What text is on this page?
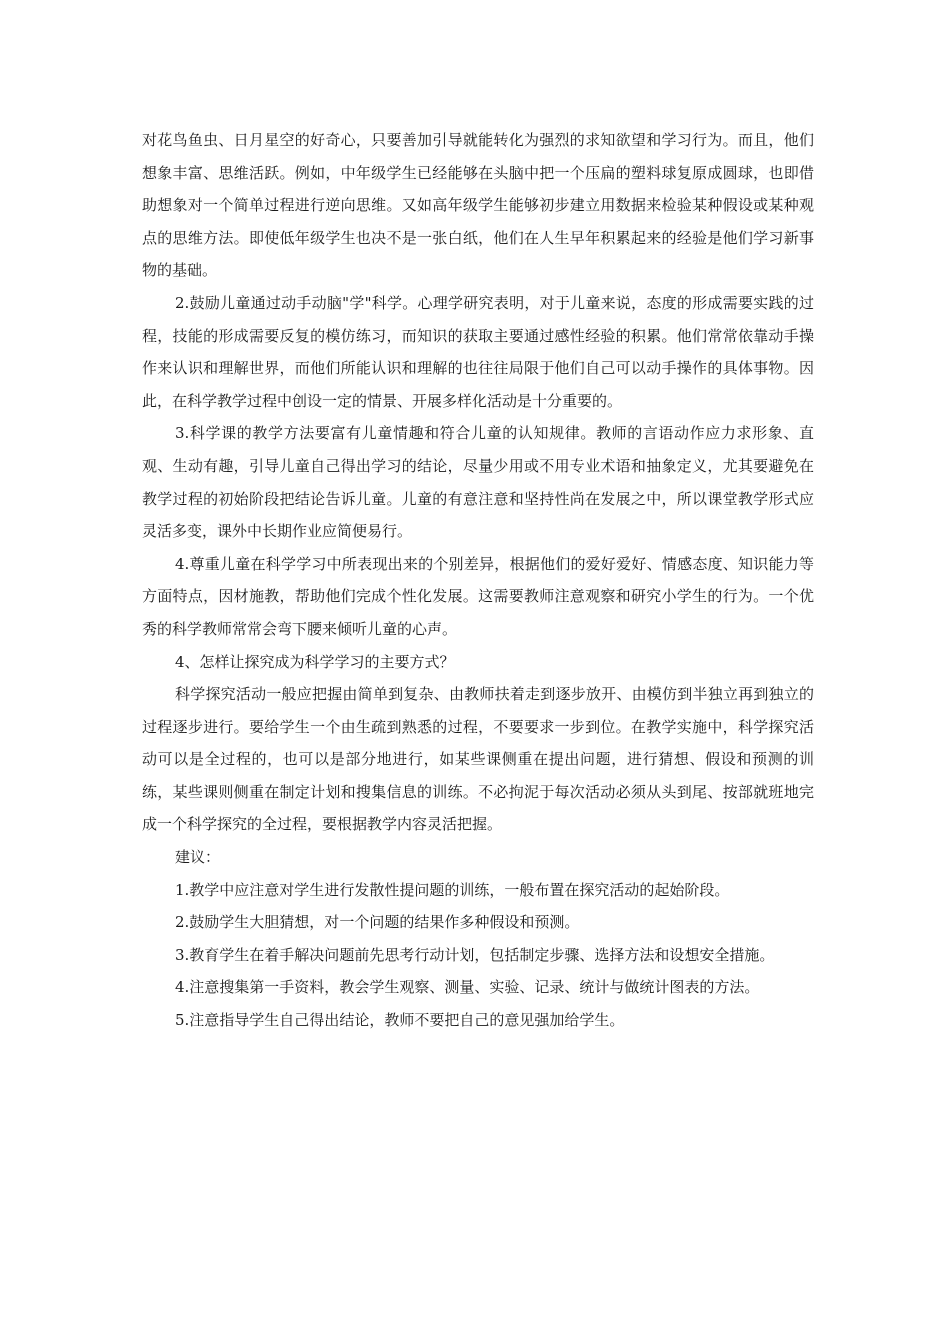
对花鸟鱼虫、日月星空的好奇心，只要善加引导就能转化为强烈的求知欲望和学习行为。而且，他们想象丰富、思维活跃。例如，中年级学生已经能够在头脑中把一个压扁的塑料球复原成圆球，也即借助想象对一个简单过程进行逆向思维。又如高年级学生能够初步建立用数据来检验某种假设或某种观点的思维方法。即使低年级学生也决不是一张白纸，他们在人生早年积累起来的经验是他们学习新事物的基础。

2.鼓励儿童通过动手动脑"学"科学。心理学研究表明，对于儿童来说，态度的形成需要实践的过程，技能的形成需要反复的模仿练习，而知识的获取主要通过感性经验的积累。他们常常依靠动手操作来认识和理解世界，而他们所能认识和理解的也往往局限于他们自己可以动手操作的具体事物。因此，在科学教学过程中创设一定的情景、开展多样化活动是十分重要的。

3.科学课的教学方法要富有儿童情趣和符合儿童的认知规律。教师的言语动作应力求形象、直观、生动有趣，引导儿童自己得出学习的结论，尽量少用或不用专业术语和抽象定义，尤其要避免在教学过程的初始阶段把结论告诉儿童。儿童的有意注意和坚持性尚在发展之中，所以课堂教学形式应灵活多变，课外中长期作业应简便易行。

4.尊重儿童在科学学习中所表现出来的个别差异，根据他们的爱好爱好、情感态度、知识能力等方面特点，因材施教，帮助他们完成个性化发展。这需要教师注意观察和研究小学生的行为。一个优秀的科学教师常常会弯下腰来倾听儿童的心声。

4、怎样让探究成为科学学习的主要方式？

科学探究活动一般应把握由简单到复杂、由教师扶着走到逐步放开、由模仿到半独立再到独立的过程逐步进行。要给学生一个由生疏到熟悉的过程，不要要求一步到位。在教学实施中，科学探究活动可以是全过程的，也可以是部分地进行，如某些课侧重在提出问题，进行猜想、假设和预测的训练，某些课则侧重在制定计划和搜集信息的训练。不必拘泥于每次活动必须从头到尾、按部就班地完成一个科学探究的全过程，要根据教学内容灵活把握。

建议：

1.教学中应注意对学生进行发散性提问题的训练，一般布置在探究活动的起始阶段。

2.鼓励学生大胆猜想，对一个问题的结果作多种假设和预测。

3.教育学生在着手解决问题前先思考行动计划，包括制定步骤、选择方法和设想安全措施。

4.注意搜集第一手资料，教会学生观察、测量、实验、记录、统计与做统计图表的方法。

5.注意指导学生自己得出结论，教师不要把自己的意见强加给学生。
